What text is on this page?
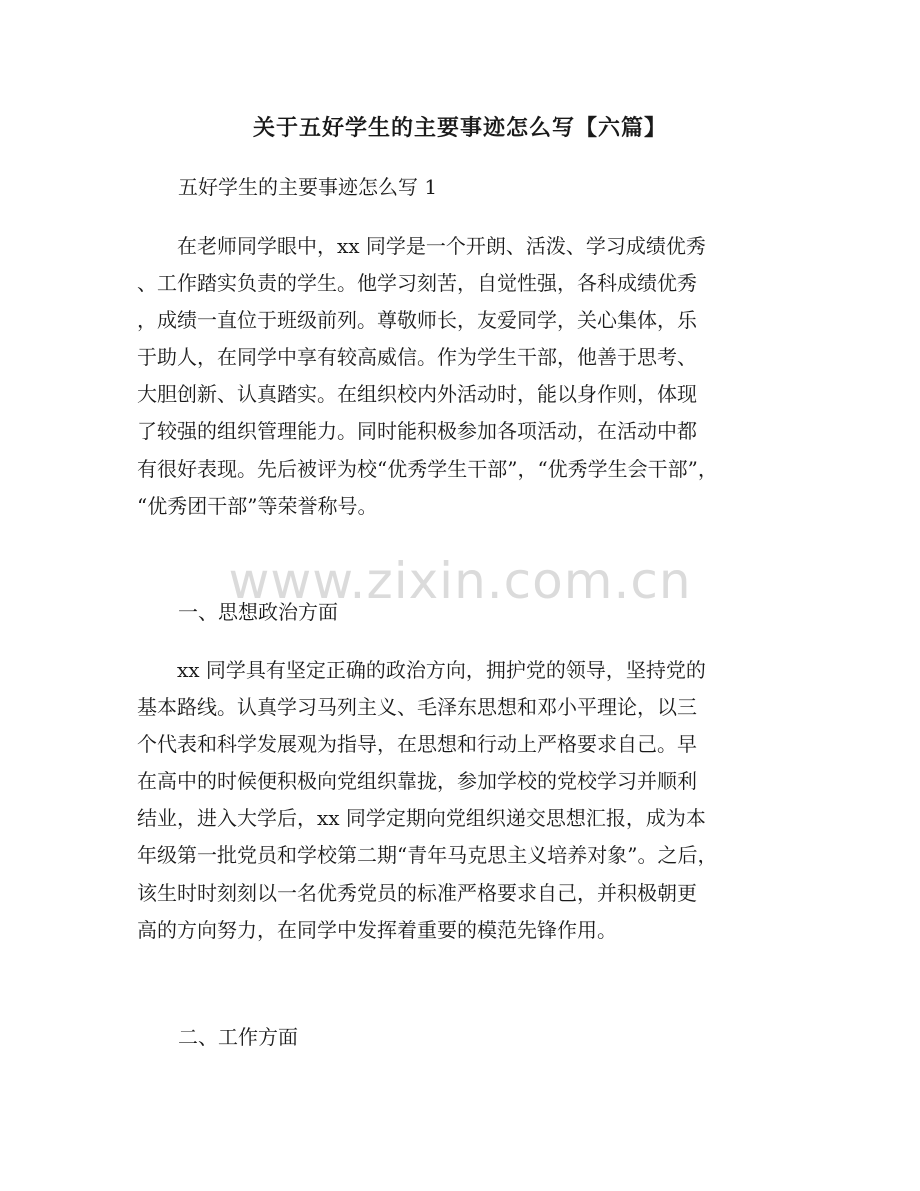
关于五好学生的主要事迹怎么写【六篇】

五好学生的主要事迹怎么写 1

在老师同学眼中，xx 同学是一个开朗、活泼、学习成绩优秀
、工作踏实负责的学生。他学习刻苦，自觉性强，各科成绩优秀
，成绩一直位于班级前列。尊敬师长，友爱同学，关心集体，乐
于助人，在同学中享有较高威信。作为学生干部，他善于思考、
大胆创新、认真踏实。在组织校内外活动时，能以身作则，体现
了较强的组织管理能力。同时能积极参加各项活动，在活动中都
有很好表现。先后被评为校“优秀学生干部”，“优秀学生会干部”，
“优秀团干部”等荣誉称号。
www.zixin.com.cn

一、思想政治方面

xx 同学具有坚定正确的政治方向，拥护党的领导，坚持党的
基本路线。认真学习马列主义、毛泽东思想和邓小平理论，以三
个代表和科学发展观为指导，在思想和行动上严格要求自己。早
在高中的时候便积极向党组织靠拢，参加学校的党校学习并顺利
结业，进入大学后，xx 同学定期向党组织递交思想汇报，成为本
年级第一批党员和学校第二期“青年马克思主义培养对象”。之后，
该生时时刻刻以一名优秀党员的标准严格要求自己，并积极朝更
高的方向努力，在同学中发挥着重要的模范先锋作用。

二、工作方面
